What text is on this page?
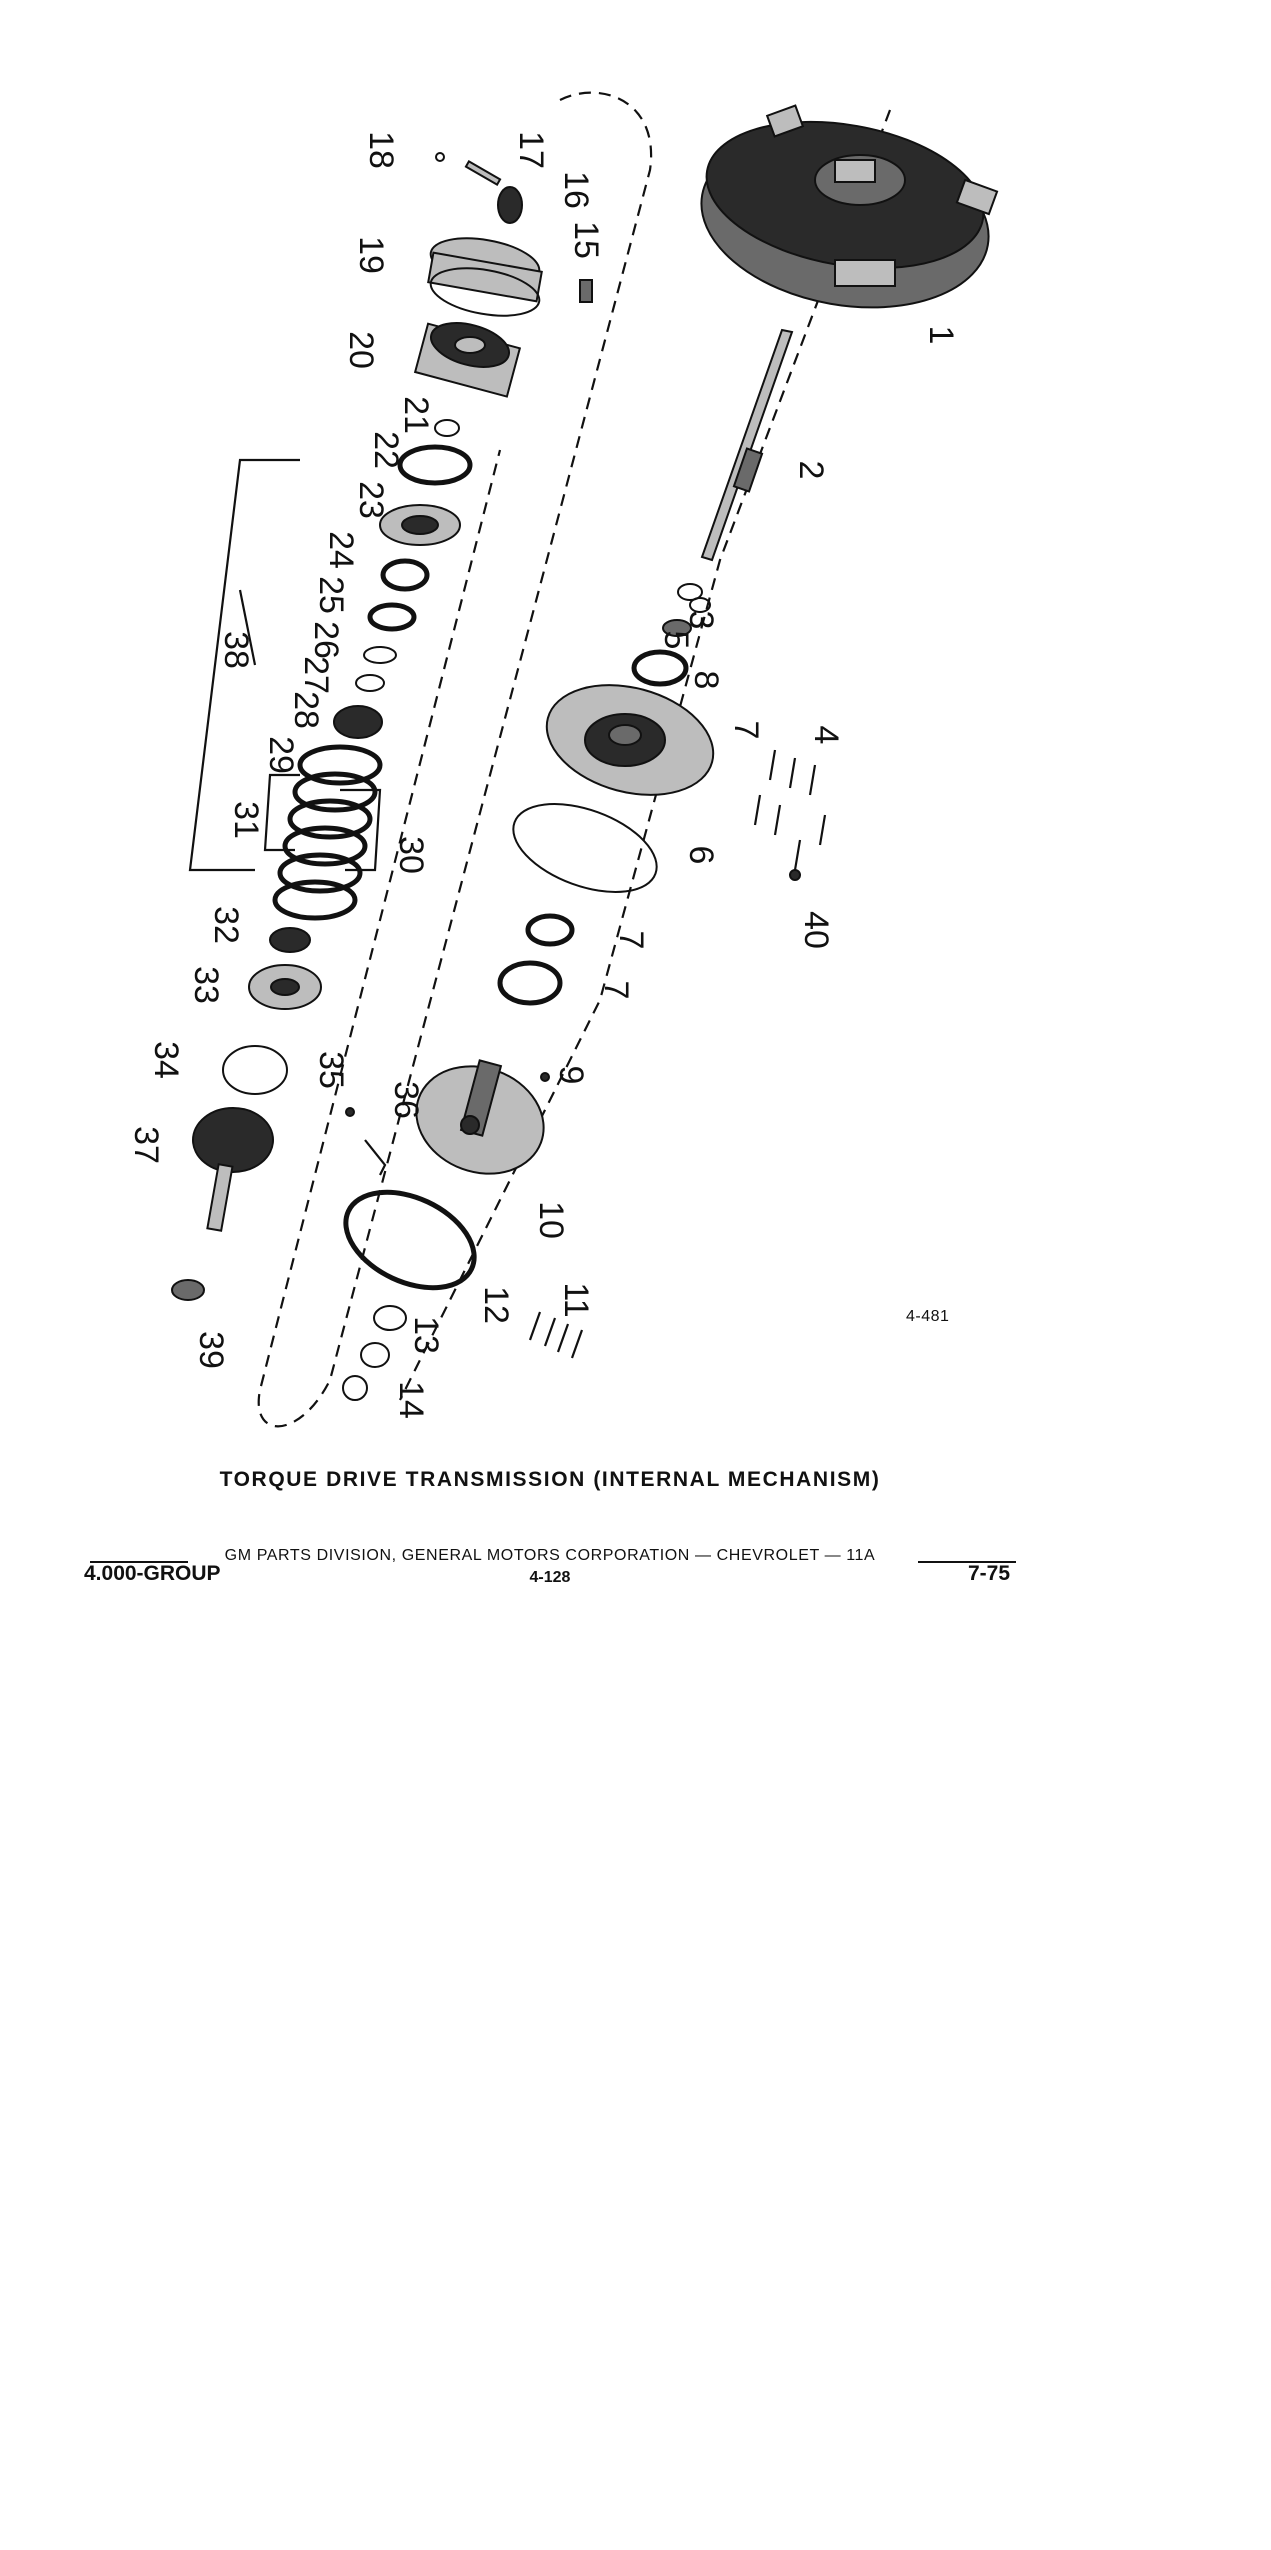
1
2
3
4
5
6
7
7
7
8
9
10
11
12
13
14
15
16
17
18
19
20
21
22
23
24
25
26
27
28
29
30
31
32
33
34	35
36
37
38
39
40
4-481
TORQUE DRIVE TRANSMISSION (INTERNAL MECHANISM)
GM PARTS DIVISION, GENERAL MOTORS CORPORATION — CHEVROLET — 11A
4.000-GROUP	4-128	7-75
